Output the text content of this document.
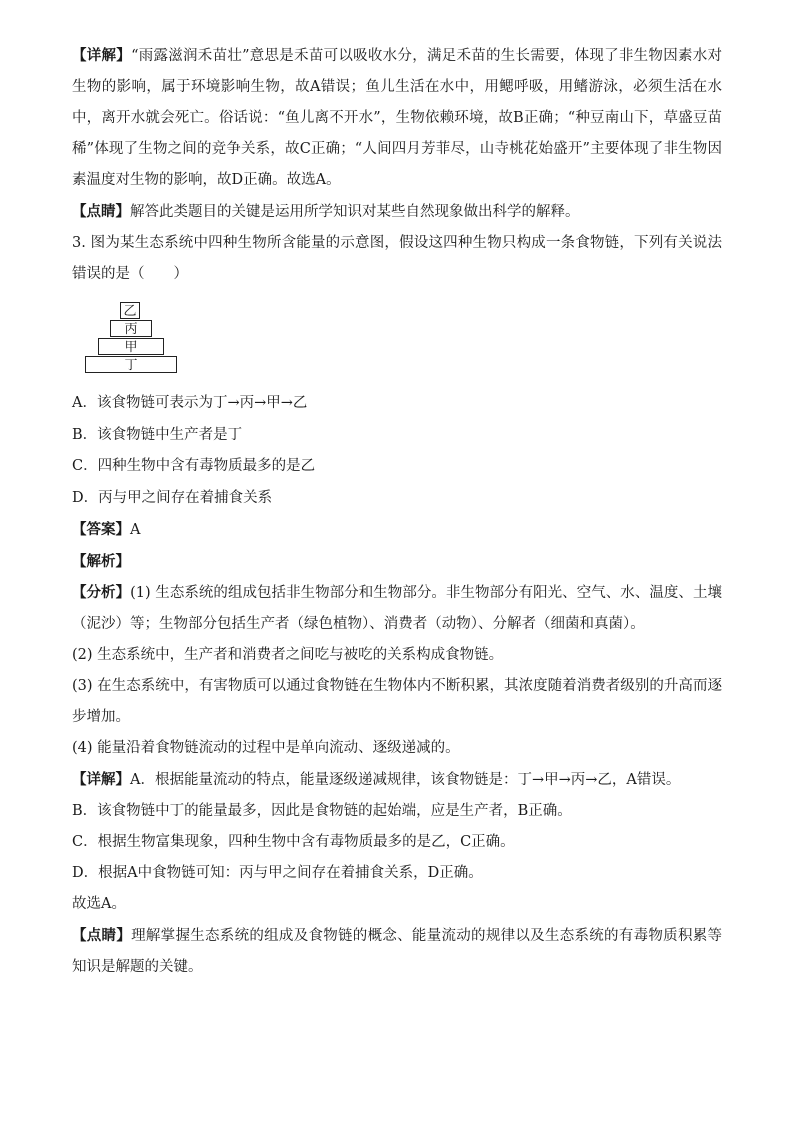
【详解】“雨露滋润禾苗壮”意思是禾苗可以吸收水分，满足禾苗的生长需要，体现了非生物因素水对生物的影响，属于环境影响生物，故A错误；鱼儿生活在水中，用鳃呼吸，用鳍游泳，必须生活在水中，离开水就会死亡。俗话说：“鱼儿离不开水”，生物依赖环境，故B正确；“种豆南山下，草盛豆苗稀”体现了生物之间的竞争关系，故C正确；“人间四月芳菲尽，山寺桃花始盛开”主要体现了非生物因素温度对生物的影响，故D正确。故选A。

【点睛】解答此类题目的关键是运用所学知识对某些自然现象做出科学的解释。

3. 图为某生态系统中四种生物所含能量的示意图，假设这四种生物只构成一条食物链，下列有关说法错误的是（　　）

乙
丙
甲
丁

A．该食物链可表示为丁→丙→甲→乙

B．该食物链中生产者是丁

C．四种生物中含有毒物质最多的是乙

D．丙与甲之间存在着捕食关系

【答案】A

【解析】

【分析】(1) 生态系统的组成包括非生物部分和生物部分。非生物部分有阳光、空气、水、温度、土壤（泥沙）等；生物部分包括生产者（绿色植物）、消费者（动物）、分解者（细菌和真菌）。

(2) 生态系统中，生产者和消费者之间吃与被吃的关系构成食物链。

(3) 在生态系统中，有害物质可以通过食物链在生物体内不断积累，其浓度随着消费者级别的升高而逐步增加。

(4) 能量沿着食物链流动的过程中是单向流动、逐级递减的。

【详解】A．根据能量流动的特点，能量逐级递减规律，该食物链是：丁→甲→丙→乙，A错误。

B．该食物链中丁的能量最多，因此是食物链的起始端，应是生产者，B正确。

C．根据生物富集现象，四种生物中含有毒物质最多的是乙，C正确。

D．根据A中食物链可知：丙与甲之间存在着捕食关系，D正确。

故选A。

【点睛】理解掌握生态系统的组成及食物链的概念、能量流动的规律以及生态系统的有毒物质积累等知识是解题的关键。
